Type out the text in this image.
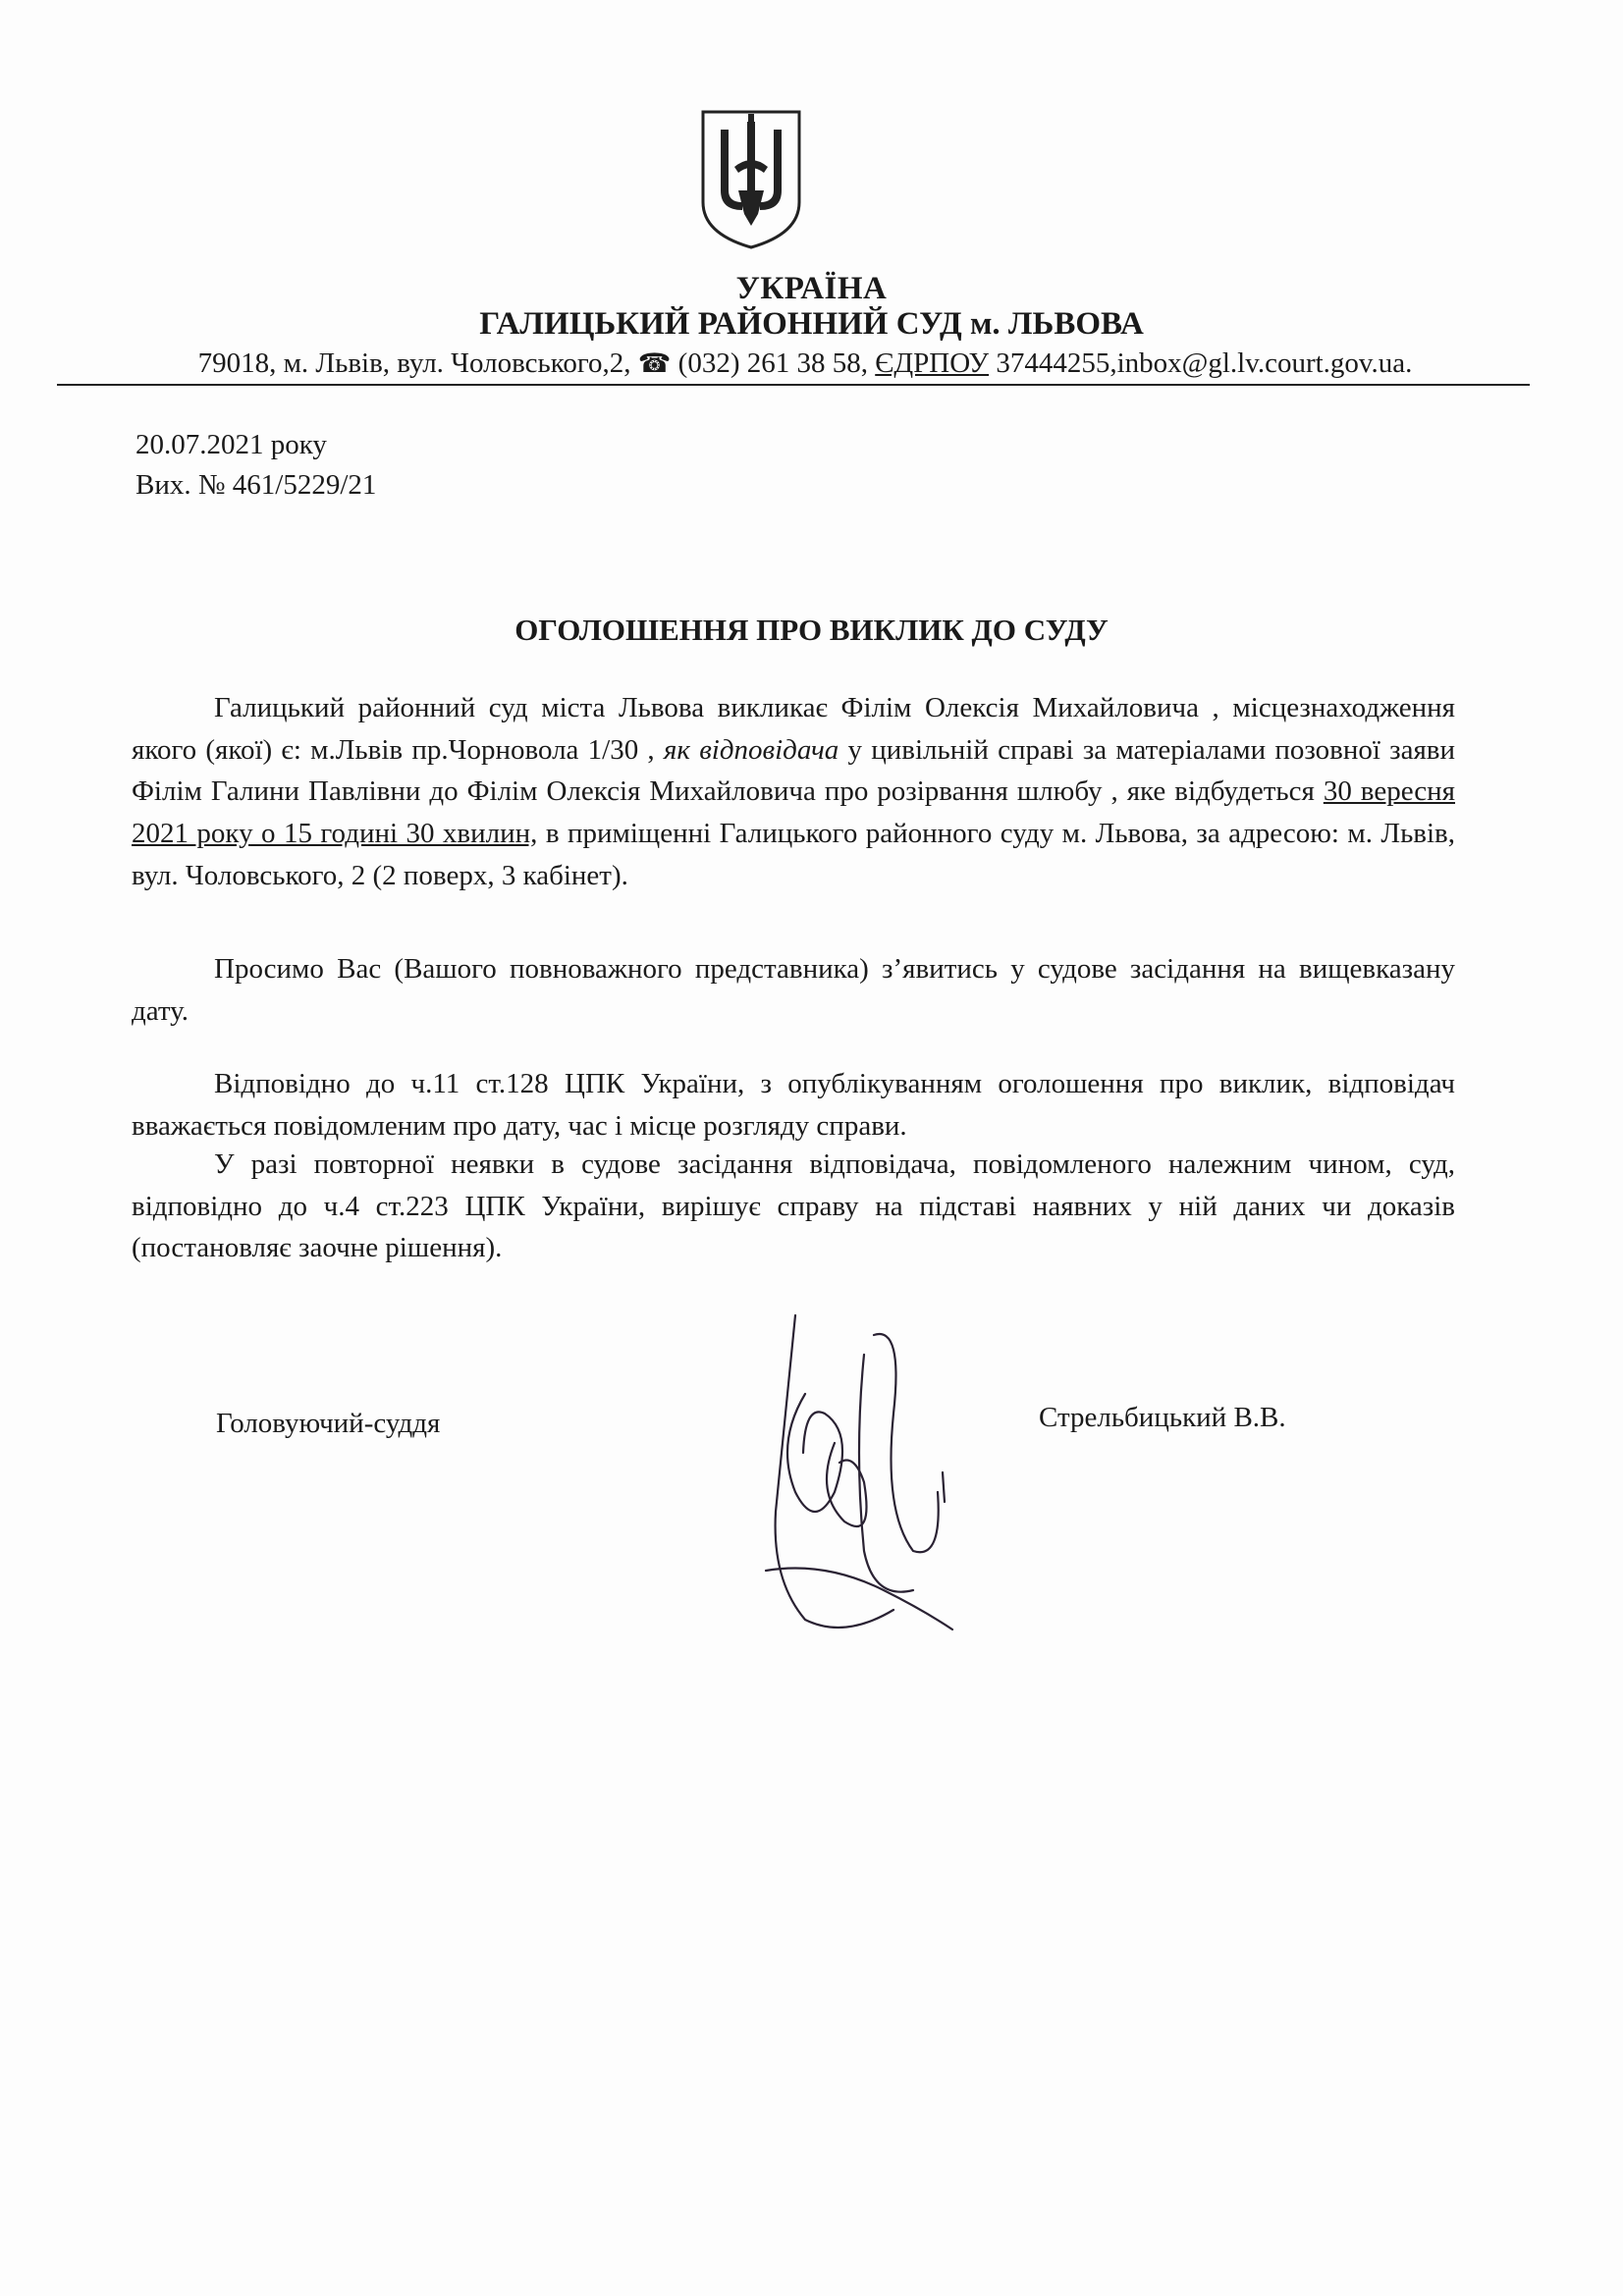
УКРАЇНА
ГАЛИЦЬКИЙ РАЙОННИЙ СУД м. ЛЬВОВА
79018, м. Львів, вул. Чоловського,2, ☎ (032) 261 38 58, ЄДРПОУ 37444255,inbox@gl.lv.court.gov.ua.
20.07.2021 року
Вих. № 461/5229/21
ОГОЛОШЕННЯ ПРО ВИКЛИК ДО СУДУ
Галицький районний суд міста Львова викликає Філім Олексія Михайловича , місцезнаходження якого (якої) є: м.Львів пр.Чорновола 1/30 , як відповідача у цивільній справі за матеріалами позовної заяви Філім Галини Павлівни до Філім Олексія Михайловича про розірвання шлюбу , яке відбудеться 30 вересня 2021 року о 15 годині 30 хвилин, в приміщенні Галицького районного суду м. Львова, за адресою: м. Львів, вул. Чоловського, 2 (2 поверх, 3 кабінет).
Просимо Вас (Вашого повноважного представника) з’явитись у судове засідання на вищевказану дату.
Відповідно до ч.11 ст.128 ЦПК України, з опублікуванням оголошення про виклик, відповідач вважається повідомленим про дату, час і місце розгляду справи.
У разі повторної неявки в судове засідання відповідача, повідомленого належним чином, суд, відповідно до ч.4 ст.223 ЦПК України, вирішує справу на підставі наявних у ній даних чи доказів (постановляє заочне рішення).
Головуючий-суддя	Стрельбицький В.В.
